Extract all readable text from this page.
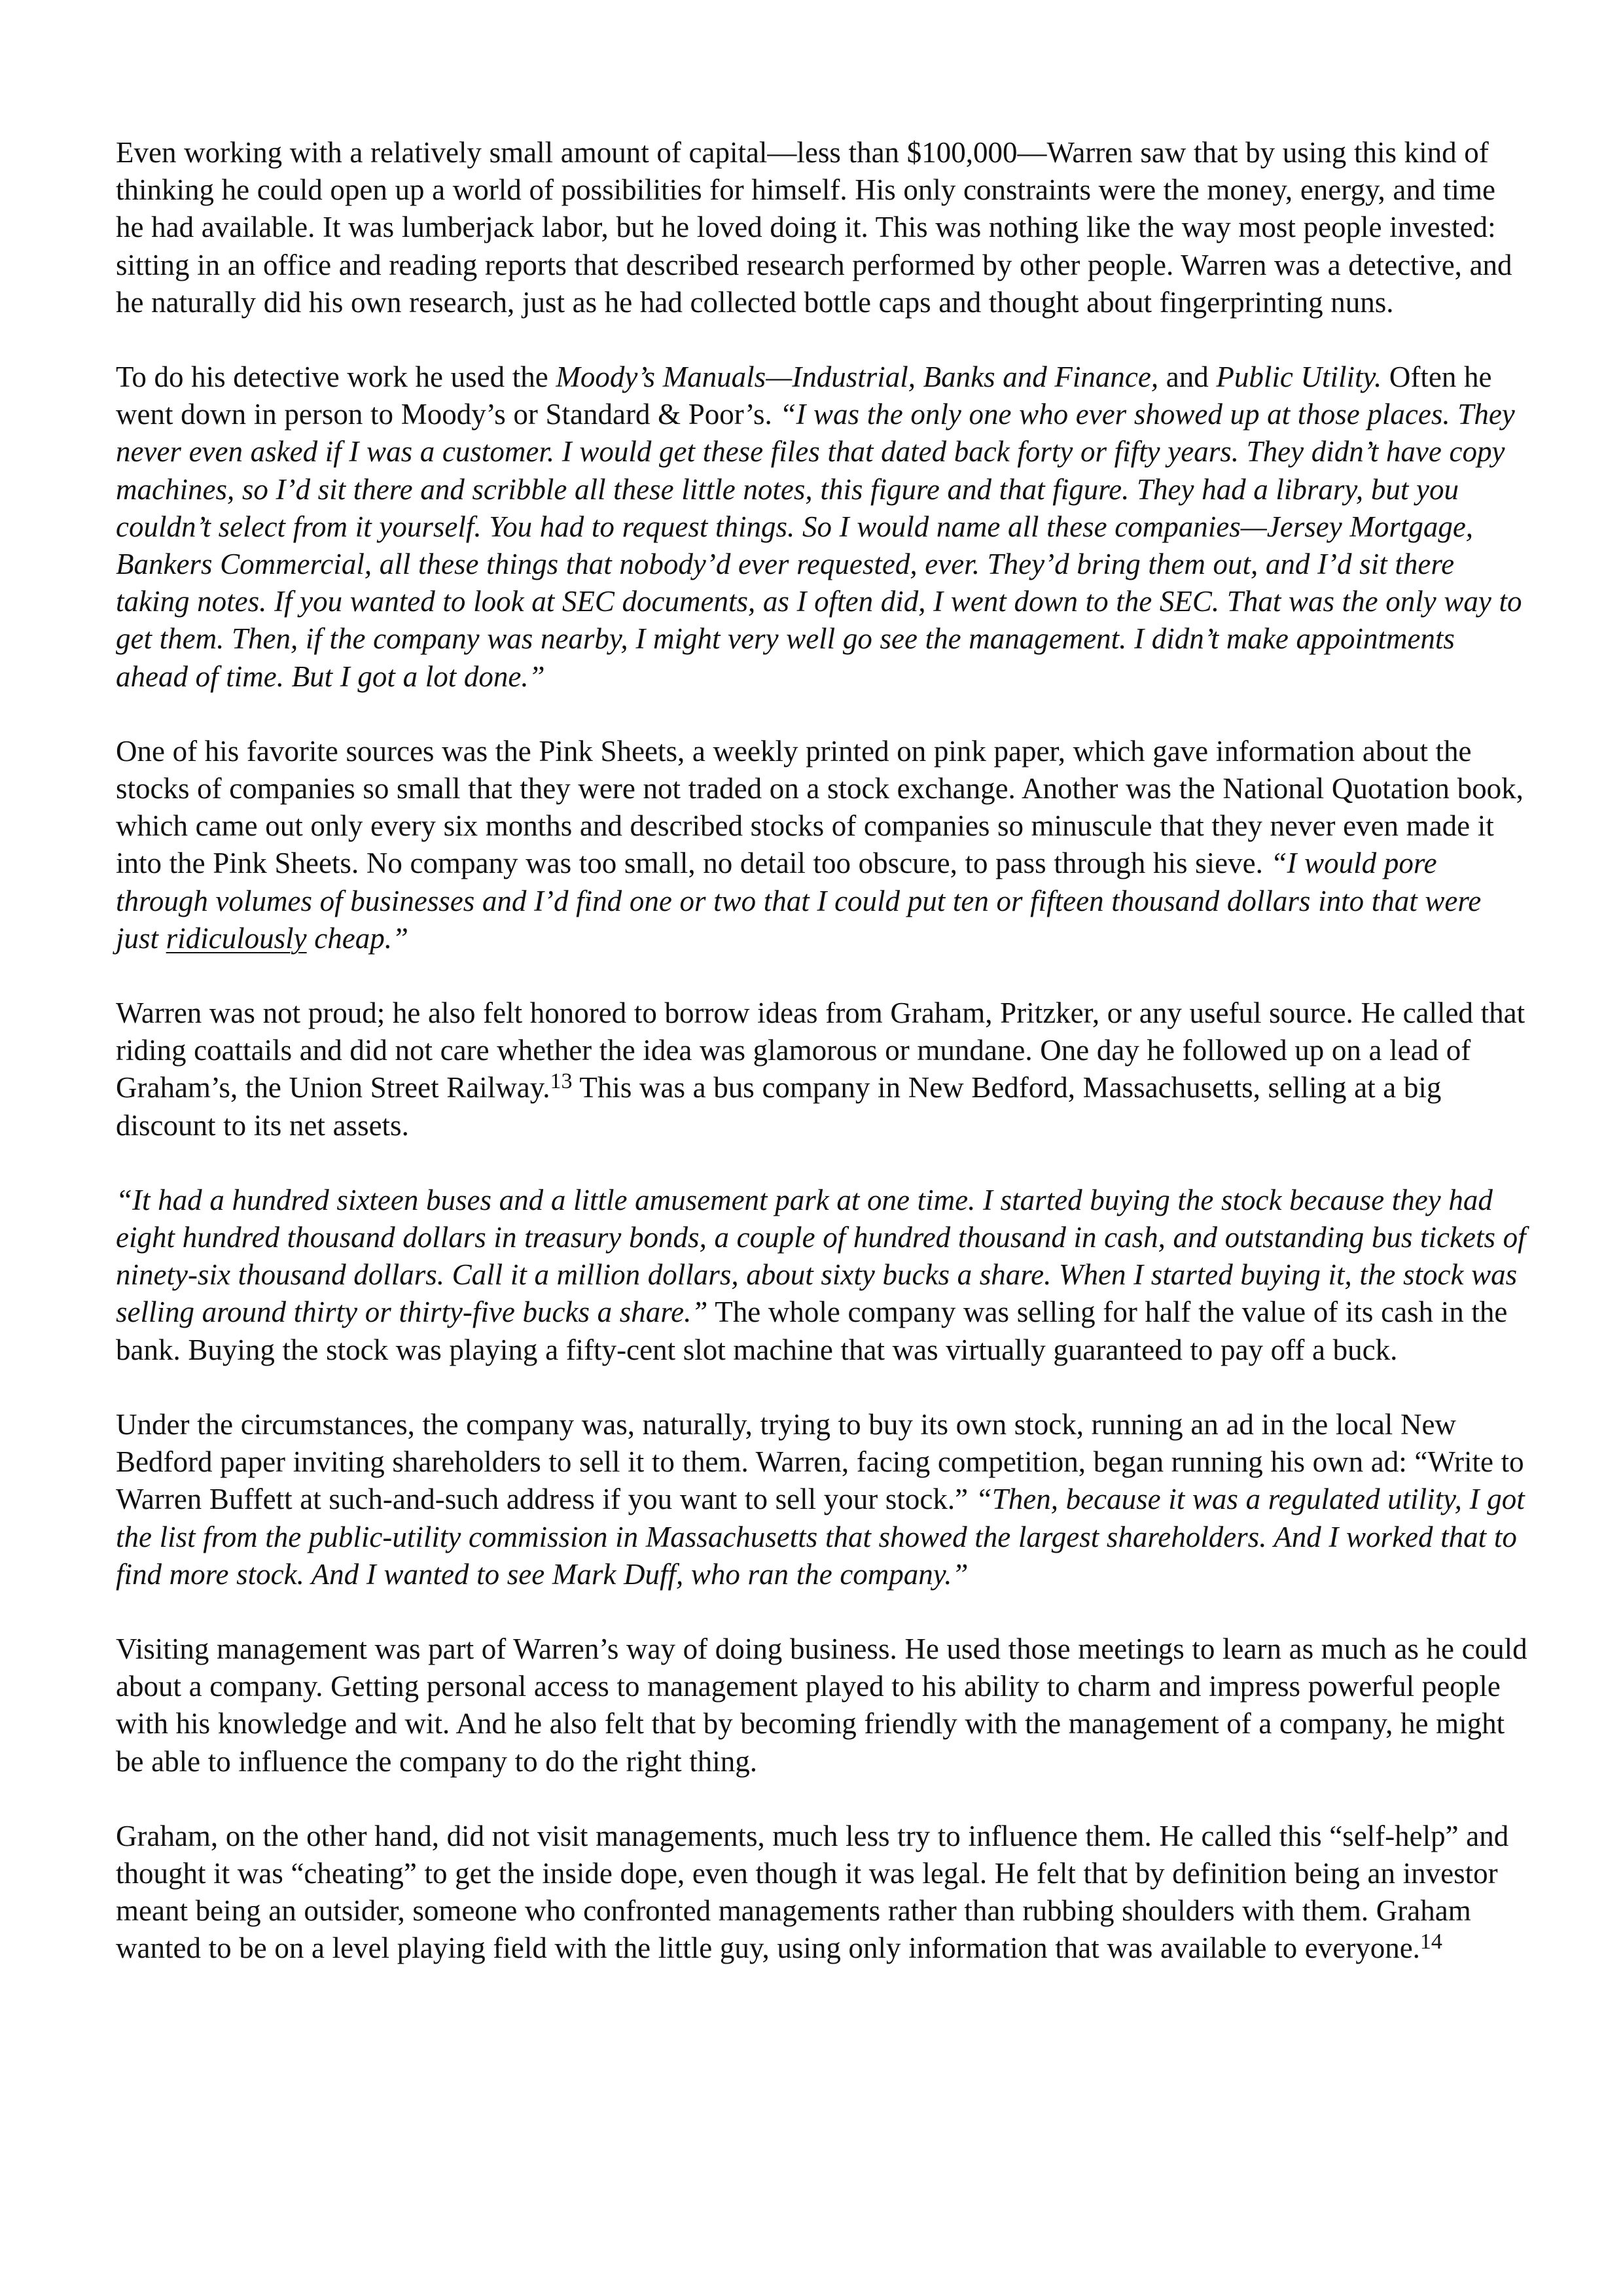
Even working with a relatively small amount of capital—less than $100,000—Warren saw that by using this kind of thinking he could open up a world of possibilities for himself. His only constraints were the money, energy, and time he had available. It was lumberjack labor, but he loved doing it. This was nothing like the way most people invested: sitting in an office and reading reports that described research performed by other people. Warren was a detective, and he naturally did his own research, just as he had collected bottle caps and thought about fingerprinting nuns.

To do his detective work he used the Moody’s Manuals—Industrial, Banks and Finance, and Public Utility. Often he went down in person to Moody’s or Standard & Poor’s. “I was the only one who ever showed up at those places. They never even asked if I was a customer. I would get these files that dated back forty or fifty years. They didn’t have copy machines, so I’d sit there and scribble all these little notes, this figure and that figure. They had a library, but you couldn’t select from it yourself. You had to request things. So I would name all these companies—Jersey Mortgage, Bankers Commercial, all these things that nobody’d ever requested, ever. They’d bring them out, and I’d sit there taking notes. If you wanted to look at SEC documents, as I often did, I went down to the SEC. That was the only way to get them. Then, if the company was nearby, I might very well go see the management. I didn’t make appointments ahead of time. But I got a lot done.”

One of his favorite sources was the Pink Sheets, a weekly printed on pink paper, which gave information about the stocks of companies so small that they were not traded on a stock exchange. Another was the National Quotation book, which came out only every six months and described stocks of companies so minuscule that they never even made it into the Pink Sheets. No company was too small, no detail too obscure, to pass through his sieve. “I would pore through volumes of businesses and I’d find one or two that I could put ten or fifteen thousand dollars into that were just ridiculously cheap.”

Warren was not proud; he also felt honored to borrow ideas from Graham, Pritzker, or any useful source. He called that riding coattails and did not care whether the idea was glamorous or mundane. One day he followed up on a lead of Graham’s, the Union Street Railway.$^{13}$ This was a bus company in New Bedford, Massachusetts, selling at a big discount to its net assets.

“It had a hundred sixteen buses and a little amusement park at one time. I started buying the stock because they had eight hundred thousand dollars in treasury bonds, a couple of hundred thousand in cash, and outstanding bus tickets of ninety-six thousand dollars. Call it a million dollars, about sixty bucks a share. When I started buying it, the stock was selling around thirty or thirty-five bucks a share.” The whole company was selling for half the value of its cash in the bank. Buying the stock was playing a fifty-cent slot machine that was virtually guaranteed to pay off a buck.

Under the circumstances, the company was, naturally, trying to buy its own stock, running an ad in the local New Bedford paper inviting shareholders to sell it to them. Warren, facing competition, began running his own ad: “Write to Warren Buffett at such-and-such address if you want to sell your stock.” “Then, because it was a regulated utility, I got the list from the public-utility commission in Massachusetts that showed the largest shareholders. And I worked that to find more stock. And I wanted to see Mark Duff, who ran the company.”

Visiting management was part of Warren’s way of doing business. He used those meetings to learn as much as he could about a company. Getting personal access to management played to his ability to charm and impress powerful people with his knowledge and wit. And he also felt that by becoming friendly with the management of a company, he might be able to influence the company to do the right thing.

Graham, on the other hand, did not visit managements, much less try to influence them. He called this “self-help” and thought it was “cheating” to get the inside dope, even though it was legal. He felt that by definition being an investor meant being an outsider, someone who confronted managements rather than rubbing shoulders with them. Graham wanted to be on a level playing field with the little guy, using only information that was available to everyone.$^{14}$
